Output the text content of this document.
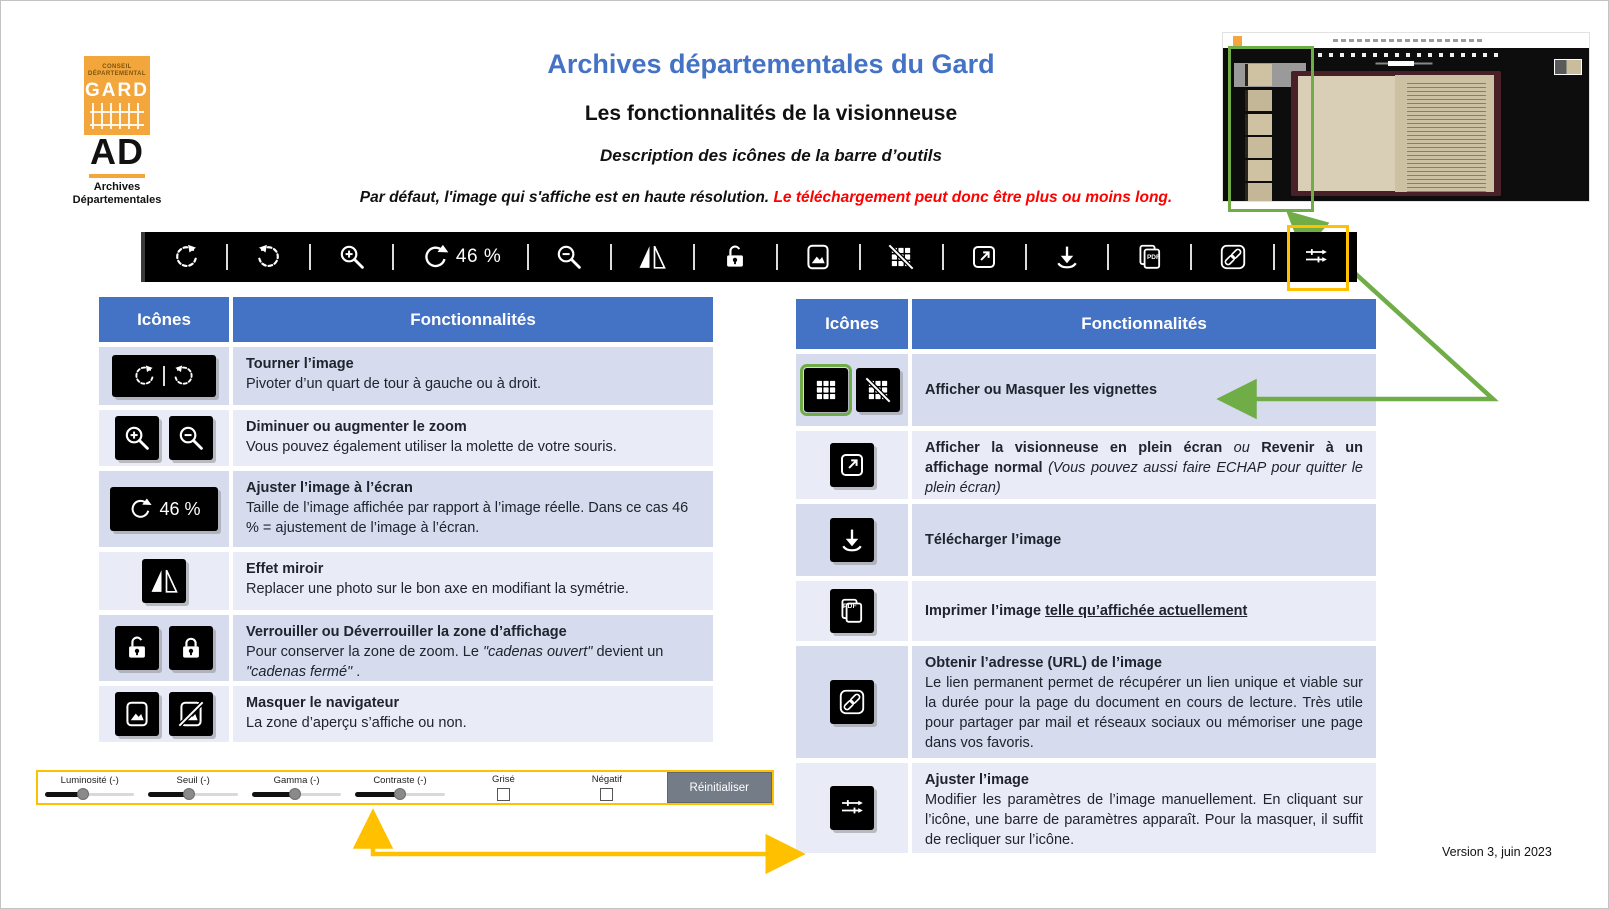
CONSEIL
DÉPARTEMENTAL
GARD
AD
Archives
Départementales
Archives départementales du Gard
Les fonctionnalités de la visionneuse
Description des icônes de la barre d’outils
Par défaut, l'image qui s'affiche est en haute résolution. Le téléchargement peut donc être plus ou moins long.
46 %	PDF
Icônes	Fonctionnalités
Tourner l’image
Pivoter d’un quart de tour à gauche ou à droit.
Diminuer ou augmenter le zoom
Vous pouvez également utiliser la molette de votre souris.
46 %
Ajuster l’image à l’écran
Taille de l’image affichée par rapport à l’image réelle. Dans ce cas 46 % = ajustement de l’image à l’écran.
Effet miroir
Replacer une photo sur le bon axe en modifiant la symétrie.
Verrouiller ou Déverrouiller la zone d’affichage
Pour conserver la zone de zoom. Le "cadenas ouvert" devient un "cadenas fermé" .
Masquer le navigateur
La zone d’aperçu s’affiche ou non.
Icônes	Fonctionnalités
Afficher ou Masquer les vignettes
Afficher la visionneuse en plein écran ou Revenir à un affichage normal (Vous pouvez aussi faire ECHAP pour quitter le plein écran)
Télécharger l’image
PDF	Imprimer l’image telle qu’affichée actuellement
Obtenir l’adresse (URL) de l’image
Le lien permanent permet de récupérer un lien unique et viable sur la durée pour la page du document en cours de lecture. Très utile pour partager par mail et réseaux sociaux ou mémoriser une page dans vos favoris.
Ajuster l’image
Modifier les paramètres de l’image manuellement. En cliquant sur l’icône, une barre de paramètres apparaît. Pour la masquer, il suffit de recliquer sur l’icône.
Luminosité (-)	Seuil (-)	Gamma (-)	Contraste (-)	Grisé	Négatif
Réinitialiser
Version 3, juin 2023
